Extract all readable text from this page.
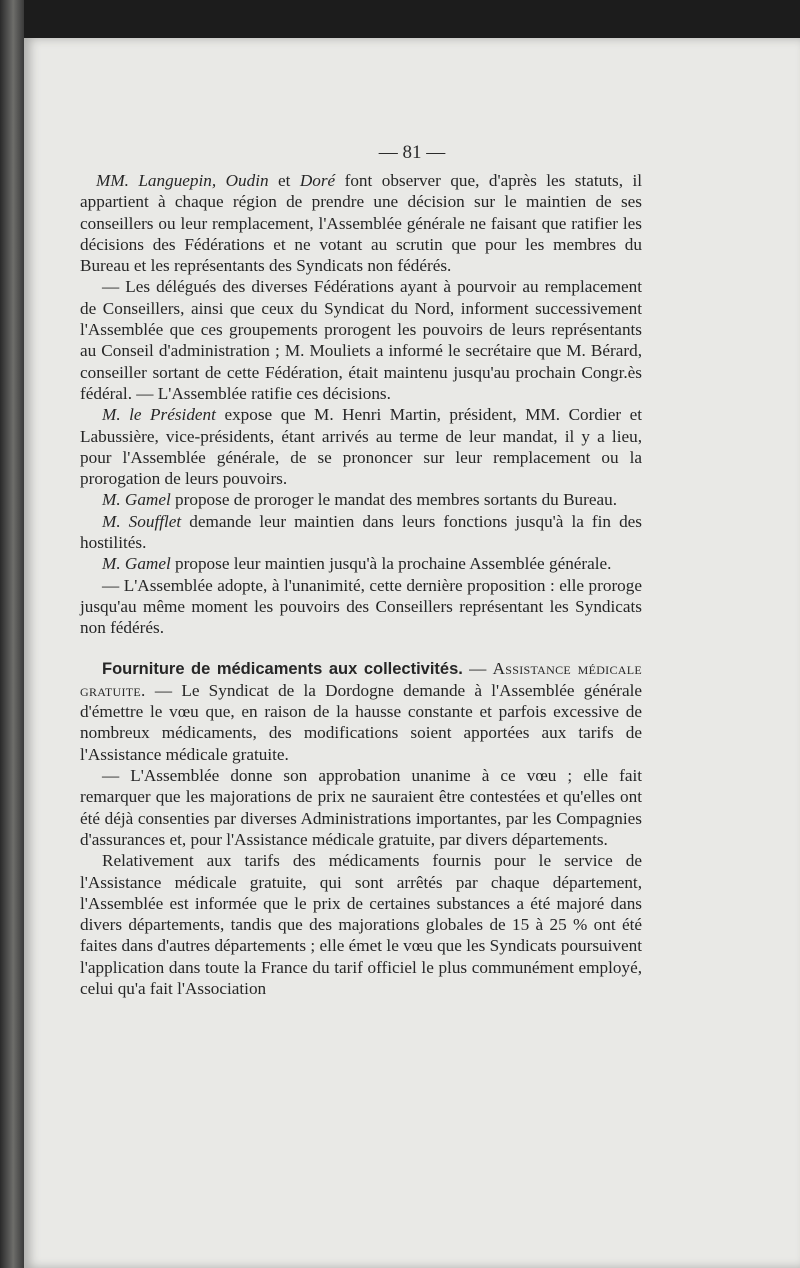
— 81 —

MM. Languepin, Oudin et Doré font observer que, d'après les statuts, il appartient à chaque région de prendre une décision sur le maintien de ses conseillers ou leur remplacement, l'Assemblée générale ne faisant que ratifier les décisions des Fédérations et ne votant au scrutin que pour les membres du Bureau et les représentants des Syndicats non fédérés.

— Les délégués des diverses Fédérations ayant à pourvoir au remplacement de Conseillers, ainsi que ceux du Syndicat du Nord, informent successivement l'Assemblée que ces groupements prorogent les pouvoirs de leurs représentants au Conseil d'administration ; M. Mouliets a informé le secrétaire que M. Bérard, conseiller sortant de cette Fédération, était maintenu jusqu'au prochain Congr.ès fédéral. — L'Assemblée ratifie ces décisions.

M. le Président expose que M. Henri Martin, président, MM. Cordier et Labussière, vice-présidents, étant arrivés au terme de leur mandat, il y a lieu, pour l'Assemblée générale, de se prononcer sur leur remplacement ou la prorogation de leurs pouvoirs.

M. Gamel propose de proroger le mandat des membres sortants du Bureau.

M. Soufflet demande leur maintien dans leurs fonctions jusqu'à la fin des hostilités.

M. Gamel propose leur maintien jusqu'à la prochaine Assemblée générale.

— L'Assemblée adopte, à l'unanimité, cette dernière proposition : elle proroge jusqu'au même moment les pouvoirs des Conseillers représentant les Syndicats non fédérés.

Fourniture de médicaments aux collectivités. — Assistance médicale gratuite. — Le Syndicat de la Dordogne demande à l'Assemblée générale d'émettre le vœu que, en raison de la hausse constante et parfois excessive de nombreux médicaments, des modifications soient apportées aux tarifs de l'Assistance médicale gratuite.

— L'Assemblée donne son approbation unanime à ce vœu ; elle fait remarquer que les majorations de prix ne sauraient être contestées et qu'elles ont été déjà consenties par diverses Administrations importantes, par les Compagnies d'assurances et, pour l'Assistance médicale gratuite, par divers départements.

Relativement aux tarifs des médicaments fournis pour le service de l'Assistance médicale gratuite, qui sont arrêtés par chaque département, l'Assemblée est informée que le prix de certaines substances a été majoré dans divers départements, tandis que des majorations globales de 15 à 25 % ont été faites dans d'autres départements ; elle émet le vœu que les Syndicats poursuivent l'application dans toute la France du tarif officiel le plus communément employé, celui qu'a fait l'Association
